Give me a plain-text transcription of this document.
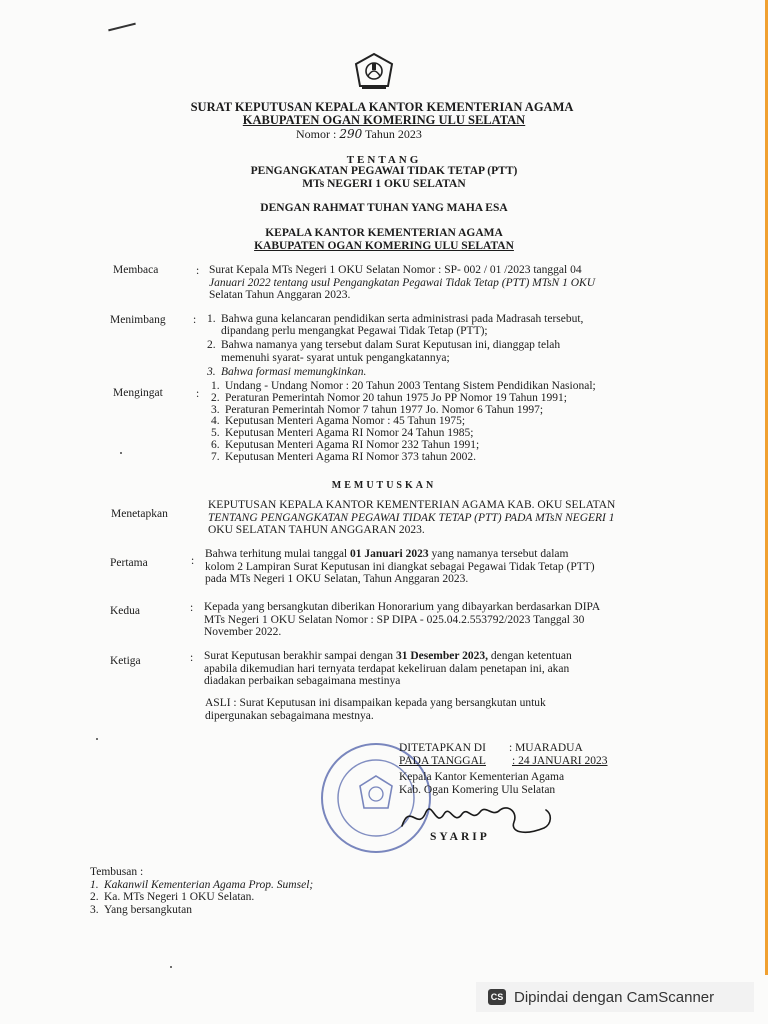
SURAT KEPUTUSAN KEPALA KANTOR KEMENTERIAN AGAMA
KABUPATEN OGAN KOMERING ULU SELATAN
Nomor : 290 Tahun 2023
TENTANG
PENGANGKATAN PEGAWAI TIDAK TETAP (PTT)
MTs NEGERI 1 OKU SELATAN
DENGAN RAHMAT TUHAN YANG MAHA ESA
KEPALA KANTOR KEMENTERIAN AGAMA
KABUPATEN OGAN KOMERING ULU SELATAN
Membaca	: Surat Kepala MTs Negeri 1 OKU Selatan Nomor : SP- 002 / 01 /2023 tanggal 04
Januari 2022 tentang usul Pengangkatan Pegawai Tidak Tetap (PTT) MTsN 1 OKU
Selatan Tahun Anggaran 2023.
Menimbang : 1. Bahwa guna kelancaran pendidikan serta administrasi pada Madrasah tersebut,
dipandang perlu mengangkat Pegawai Tidak Tetap (PTT);
2. Bahwa namanya yang tersebut dalam Surat Keputusan ini, dianggap telah
memenuhi syarat- syarat untuk pengangkatannya;
3. Bahwa formasi memungkinkan.
Mengingat	:
1. Undang - Undang Nomor : 20 Tahun 2003 Tentang Sistem Pendidikan Nasional;
2. Peraturan Pemerintah Nomor 20 tahun 1975 Jo PP Nomor 19 Tahun 1991;
3. Peraturan Pemerintah Nomor 7 tahun 1977 Jo. Nomor 6 Tahun 1997;
4. Keputusan Menteri Agama Nomor : 45 Tahun 1975;
5. Keputusan Menteri Agama RI Nomor 24 Tahun 1985;
6. Keputusan Menteri Agama RI Nomor 232 Tahun 1991;
7. Keputusan Menteri Agama RI Nomor 373 tahun 2002.
MEMUTUSKAN
Menetapkan
KEPUTUSAN KEPALA KANTOR KEMENTERIAN AGAMA KAB. OKU SELATAN
TENTANG PENGANGKATAN PEGAWAI TIDAK TETAP (PTT) PADA MTsN NEGERI 1
OKU SELATAN TAHUN ANGGARAN 2023.
Pertama	:
Bahwa terhitung mulai tanggal 01 Januari 2023 yang namanya tersebut dalam
kolom 2 Lampiran Surat Keputusan ini diangkat sebagai Pegawai Tidak Tetap (PTT)
pada MTs Negeri 1 OKU Selatan, Tahun Anggaran 2023.
Kedua	: Kepada yang bersangkutan diberikan Honorarium yang dibayarkan berdasarkan DIPA
MTs Negeri 1 OKU Selatan Nomor : SP DIPA - 025.04.2.553792/2023 Tanggal 30
November 2022.
Ketiga	: Surat Keputusan berakhir sampai dengan 31 Desember 2023, dengan ketentuan
apabila dikemudian hari ternyata terdapat kekeliruan dalam penetapan ini, akan
diadakan perbaikan sebagaimana mestinya
ASLI : Surat Keputusan ini disampaikan kepada yang bersangkutan untuk
dipergunakan sebagaimana mestnya.
DITETAPKAN DI	: MUARADUA
PADA TANGGAL	: 24 JANUARI 2023
Kepala Kantor Kementerian Agama
Kab. Ogan Komering Ulu Selatan
SYARIP
Tembusan :
1. Kakanwil Kementerian Agama Prop. Sumsel;
2. Ka. MTs Negeri 1 OKU Selatan.
3. Yang bersangkutan
CS Dipindai dengan CamScanner
